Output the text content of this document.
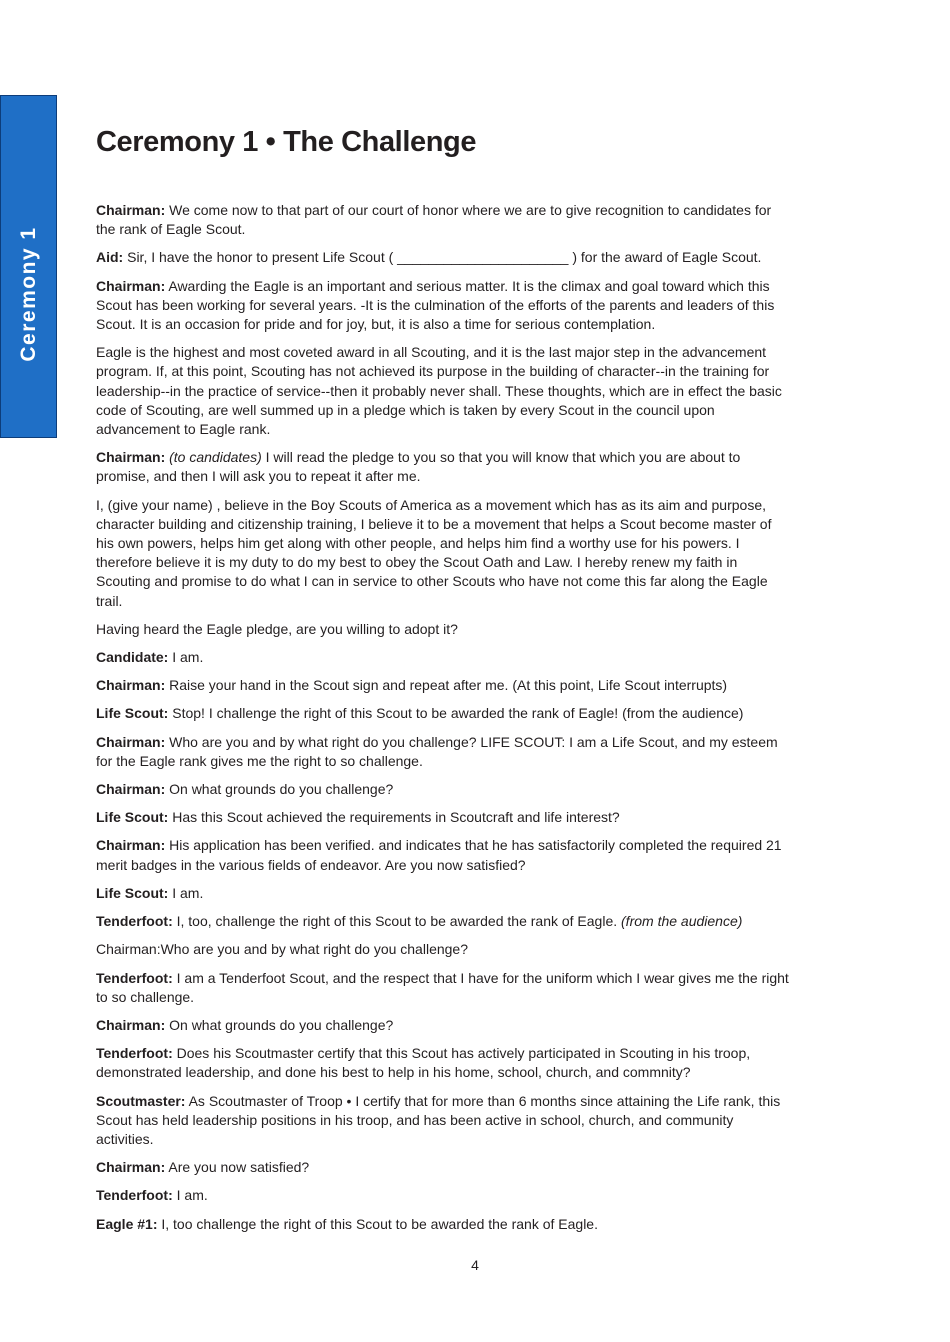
Ceremony 1
Ceremony 1 • The Challenge

Chairman: We come now to that part of our court of honor where we are to give recognition to candidates for the rank of Eagle Scout.

Aid: Sir, I have the honor to present Life Scout ( ______________________ ) for the award of Eagle Scout.

Chairman: Awarding the Eagle is an important and serious matter. It is the climax and goal toward which this Scout has been working for several years. -It is the culmination of the efforts of the parents and leaders of this Scout. It is an occasion for pride and for joy, but, it is also a time for serious contemplation.

Eagle is the highest and most coveted award in all Scouting, and it is the last major step in the advancement program. If, at this point, Scouting has not achieved its purpose in the building of character--in the training for leadership--in the practice of service--then it probably never shall. These thoughts, which are in effect the basic code of Scouting, are well summed up in a pledge which is taken by every Scout in the council upon advancement to Eagle rank.

Chairman: (to candidates) I will read the pledge to you so that you will know that which you are about to promise, and then I will ask you to repeat it after me.

I, (give your name) , believe in the Boy Scouts of America as a movement which has as its aim and purpose, character building and citizenship training, I believe it to be a movement that helps a Scout become master of his own powers, helps him get along with other people, and helps him find a worthy use for his powers. I therefore believe it is my duty to do my best to obey the Scout Oath and Law. I hereby renew my faith in Scouting and promise to do what I can in service to other Scouts who have not come this far along the Eagle trail.

Having heard the Eagle pledge, are you willing to adopt it?

Candidate: I am.

Chairman: Raise your hand in the Scout sign and repeat after me. (At this point, Life Scout interrupts)

Life Scout: Stop! I challenge the right of this Scout to be awarded the rank of Eagle! (from the audience)

Chairman: Who are you and by what right do you challenge? LIFE SCOUT: I am a Life Scout, and my esteem for the Eagle rank gives me the right to so challenge.

Chairman: On what grounds do you challenge?

Life Scout: Has this Scout achieved the requirements in Scoutcraft and life interest?

Chairman: His application has been verified. and indicates that he has satisfactorily completed the required 21 merit badges in the various fields of endeavor. Are you now satisfied?

Life Scout: I am.

Tenderfoot: I, too, challenge the right of this Scout to be awarded the rank of Eagle. (from the audience)

Chairman:Who are you and by what right do you challenge?

Tenderfoot: I am a Tenderfoot Scout, and the respect that I have for the uniform which I wear gives me the right to so challenge.

Chairman: On what grounds do you challenge?

Tenderfoot: Does his Scoutmaster certify that this Scout has actively participated in Scouting in his troop, demonstrated leadership, and done his best to help in his home, school, church, and commnity?

Scoutmaster: As Scoutmaster of Troop • I certify that for more than 6 months since attaining the Life rank, this Scout has held leadership positions in his troop, and has been active in school, church, and community activities.

Chairman: Are you now satisfied?

Tenderfoot: I am.

Eagle #1: I, too challenge the right of this Scout to be awarded the rank of Eagle.

4
